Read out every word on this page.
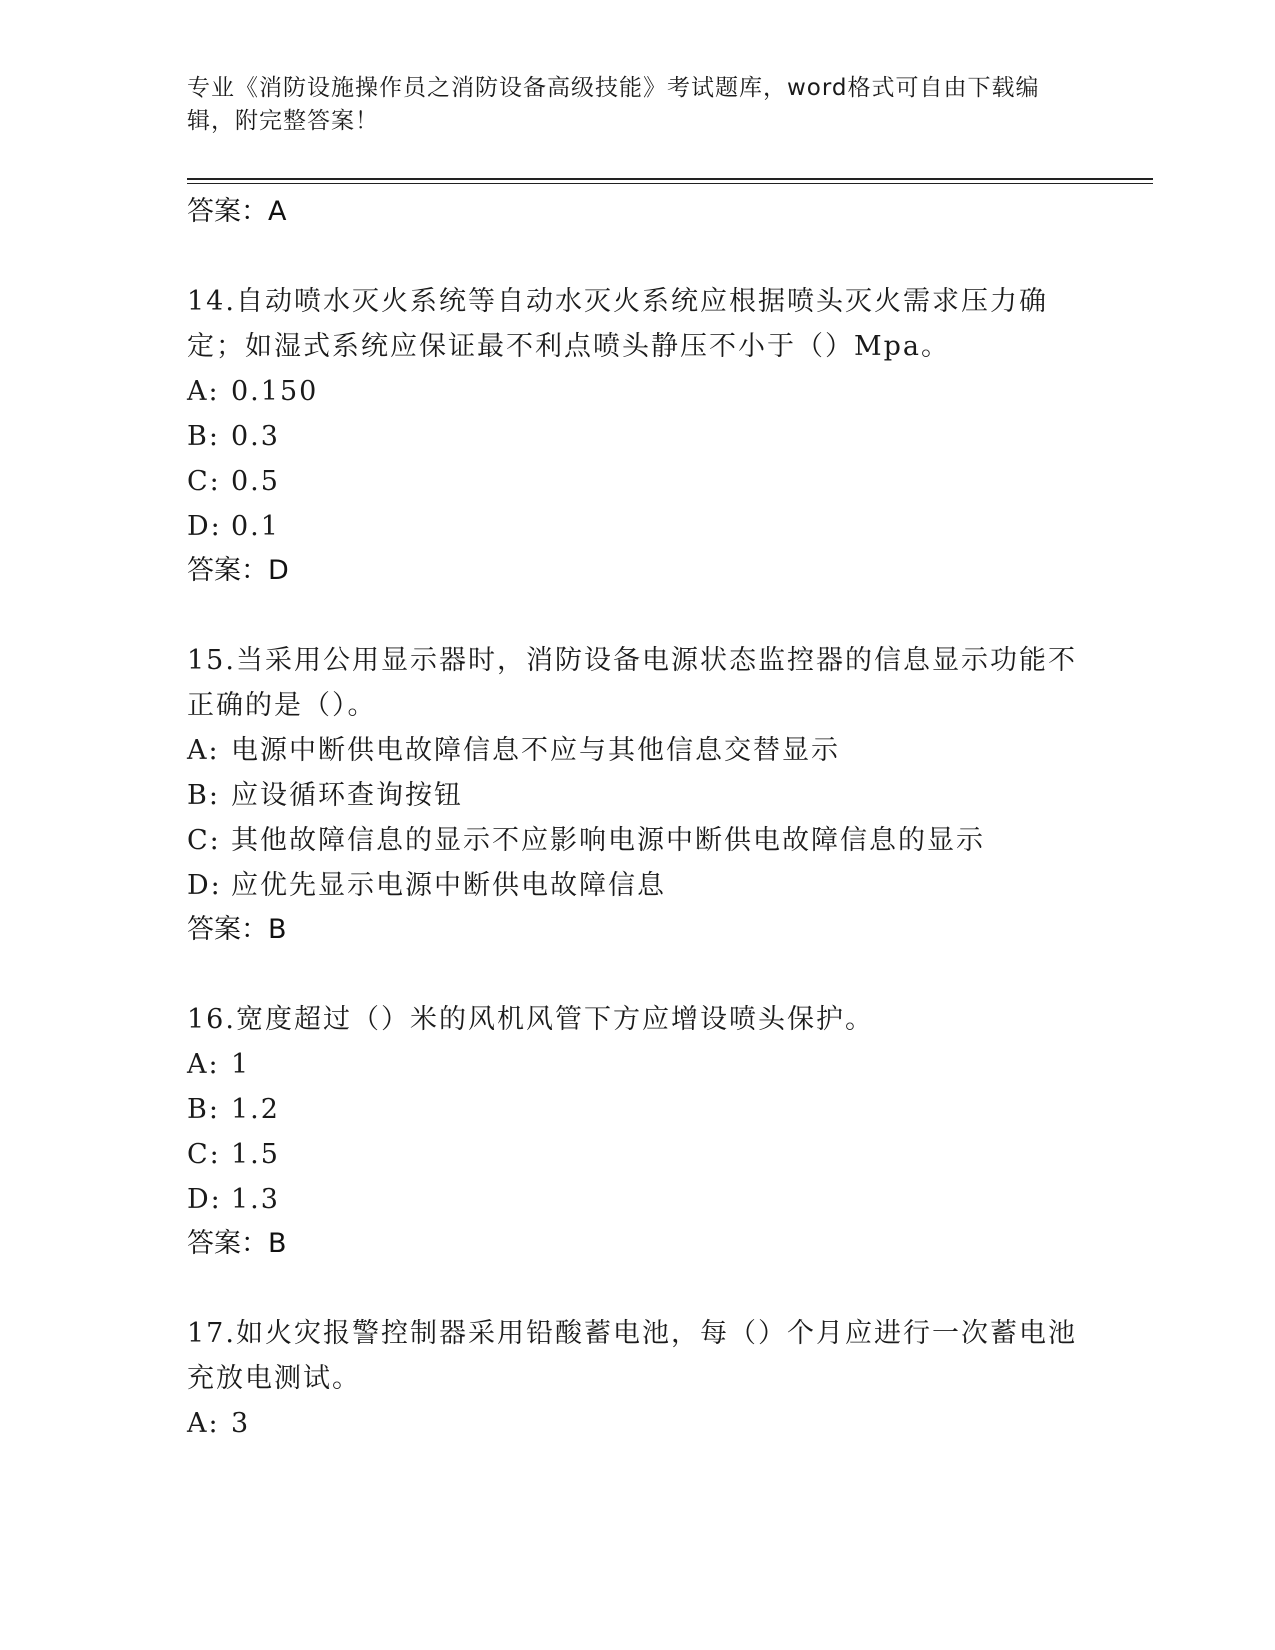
专业《消防设施操作员之消防设备高级技能》考试题库，word格式可自由下载编辑，附完整答案！
答案：A
14.自动喷水灭火系统等自动水灭火系统应根据喷头灭火需求压力确定；如湿式系统应保证最不利点喷头静压不小于（）Mpa。
A: 0.150
B: 0.3
C: 0.5
D: 0.1
答案：D
15.当采用公用显示器时，消防设备电源状态监控器的信息显示功能不正确的是（）。
A: 电源中断供电故障信息不应与其他信息交替显示
B: 应设循环查询按钮
C: 其他故障信息的显示不应影响电源中断供电故障信息的显示
D: 应优先显示电源中断供电故障信息
答案：B
16.宽度超过（）米的风机风管下方应增设喷头保护。
A: 1
B: 1.2
C: 1.5
D: 1.3
答案：B
17.如火灾报警控制器采用铅酸蓄电池，每（）个月应进行一次蓄电池充放电测试。
A: 3
